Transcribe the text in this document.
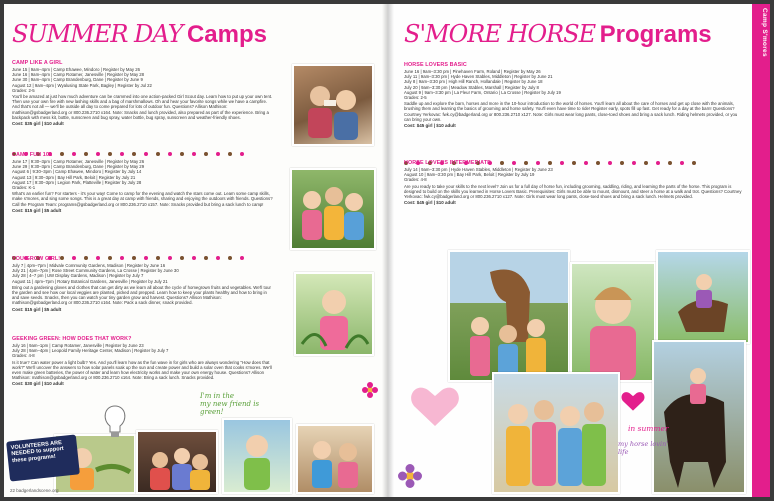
SUMMER DAY Camps

CAMP LIKE A GIRL

June 15 | 9am–4pm | Camp Ehawee, Mindoro | Register by May 26

June 16 | 9am–4pm | Camp Rotamer, Janesville | Register by May 28

June 30 | 9am–4pm | Camp Brandenburg, Dane | Register by June 9

August 12 | 9am–4pm | Wyalusing State Park, Bagley | Register by Jul 22

Grades: 2-5

You'll be amazed at just how much adventure can be crammed into one action-packed Girl Scout day. Learn how to put up your own tent. Then use your own fire with new lashing skills and a bag of marshmallows. Oh and hear your favorite songs while we have a campfire. And that's not all — we'll be outside all day to come prepared for lots of outdoor fun. Questions? Allison Mathison: mathison@gsbadgerland.org or 800.236.2710 x164. Note: Snacks and lunch provided, also prepared as part of the experience. Bring a backpack with mess kit, bottle, sunscreen and bug spray, water bottle, bug spray, sunscreen and weather-friendly shoes.

Cost: $35 girl | $10 adult

CAMP FUN 101

June 17 | 9:30–3pm | Camp Rotamer, Janesville | Register by May 26

June 29 | 9:30–3pm | Camp Brandenburg, Dane | Register by May 29

August 6 | 9:30–3pm | Camp Ehawee, Mindoro | Register by July 14

August 13 | 9:30–3pm | Bay Hill Park, Beloit | Register by July 21

August 17 | 9:30–3pm | Legion Park, Platteville | Register by July 28

Grades: K-1

What's an earlier fun? For starters - it's your way! Come to camp for the evening and watch the stars come out. Learn some camp skills, make s'mores, and sing some songs. This is a great day at camp with friends, sharing and enjoying the outdoors with friends. Questions? Call the Program Team: programs@gsbadgerland.org or 800.236.2710 x157. Note: Snacks provided but bring a sack lunch to camp!

Cost: $15 girl | $5 adult

YOU GROW GIRL!

July 7 | 4pm–7pm | Midvale Community Gardens, Madison | Register by June 16

July 21 | 4pm–7pm | Rose Street Community Gardens, La Crosse | Register by June 30

July 28 | 4–7 pm | UW Display Gardens, Madison | Register by July 7

August 11 | 4pm–7pm | Rotary Botanical Gardens, Janesville | Register by July 21

Bring out a gardening gloves and clothes that can get dirty as we learn all about the cycle of homegrown fruits and vegetables. We'll tour the garden and see how our local veggies are planted, picked and prepped. Learn how to keep your plants healthy and how to bring in and save seeds. Snacks, then you can watch your tiny garden grow and harvest. Questions? Allison Mathison: mathison@gsbadgerland.org or 800.236.2710 x164. Note: Pack a sack dinner, snack provided.

Cost: $15 girl | $5 adult

GEEKING GREEN: HOW DOES THAT WORK?

July 16 | 9am–1pm | Camp Rotamer, Janesville | Register by June 23

July 28 | 9am–4pm | Leopold Family Heritage Center, Madison | Register by July 7

Grades: 4-8

Is it true? Can water power a light bulb? Yes. And you'll learn how as the fun wave in for girls who are always wondering "How does that work?" We'll uncover the answers to how solar panels soak up the sun and create power and build a solar oven that cooks s'mores. We'll even make green batteries, the power of water and learn how electricity works and make your own energy house. Questions? Allison Mathison: mathison@gsbadgerland.org or 800.236.2710 x164. Note: Bring a sack lunch. Snacks provided.

Cost: $30 girl | $10 adult

I'm in the
my new friend is green!
VOLUNTEERS ARE NEEDED to support these programs!
22 badgerlandscene.org
S'MORE HORSE Programs

HORSE LOVERS BASIC

June 16 | 9am–3:30 pm | Pinehaven Farm, Roland | Register by May 26

July 11 | 9am–3:30 pm | Hyde Haven Stables, Middleton | Register by June 21

July 8 | 9am–3:30 pm | High Hill Ranch, Hollandale | Register by June 18

July 20 | 9am–3:30 pm | Meadow Stables, Marshall | Register by July 8

August 9 | 9am–3:30 pm | La Fleur Farm, Ontario | La Crosse | Register by July 19

Grades: 2-5

Saddle up and explore the barn, horses and more in the 10-hour introduction to the world of horses. You'll learn all about the care of horses and get up close with the animals, brushing them and learning the basics of grooming and horse safety. You'll even have time to ride! Register early, spots fill up fast. Get ready for a day at the barn! Questions? Courtney Yerkovac: fwk.cy@badgerland.org or 800.236.2710 x127. Note: Girls must wear long pants, close-toed shoes and bring a sack lunch. Riding helmets provided, or you can bring your own.

Cost: $45 girl | $10 adult

HORSE LOVERS INTERMEDIATE

July 14 | 9am–3:30 pm | Hyde Haven Stables, Middleton | Register by June 23

August 10 | 9am–3:30 pm | Bay Hill Park, Beloit | Register by July 19

Grades: 4-8

Are you ready to take your skills to the next level? Join us for a full day of horse fun, including grooming, saddling, riding, and learning the parts of the horse. This program is designed to build on the skills you learned in Horse Lovers Basic. Prerequisites: Girls must be able to mount, dismount, and steer a horse at a walk and trot. Questions? Courtney Yerkovac: fwk.cy@badgerland.org or 800.236.2710 x127. Note: Girls must wear long pants, close-toed shoes and bring a sack lunch. Helmets provided.

Cost: $45 girl | $10 adult

in summer
my horse lovin' life
Camp S'mores
